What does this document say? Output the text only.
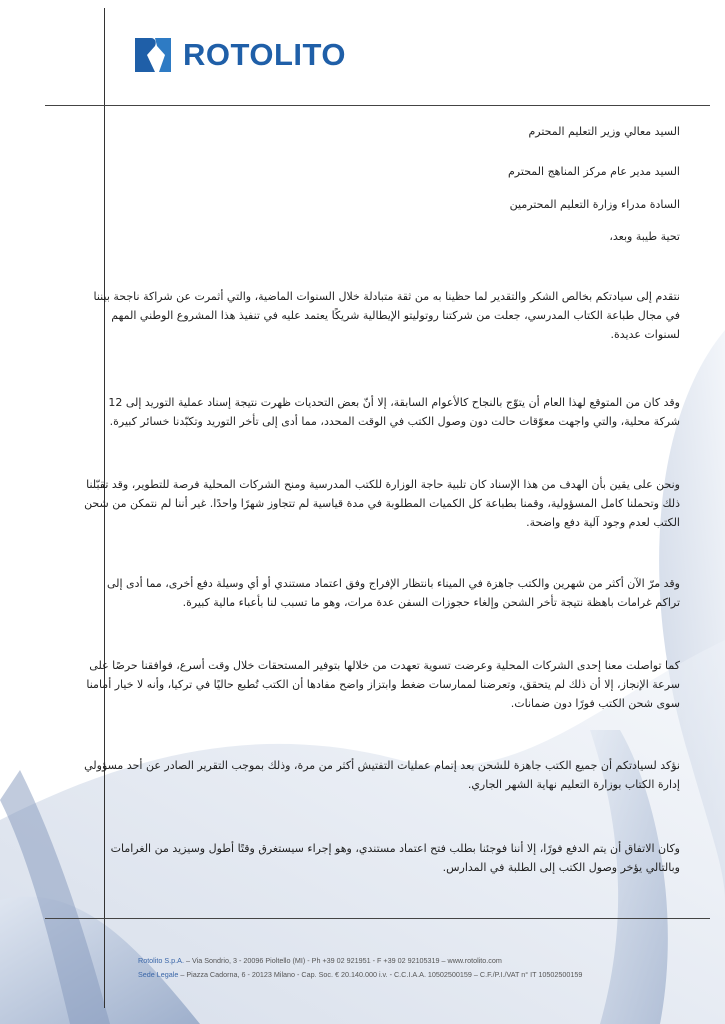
ROTOLITO
السيد معالي وزير التعليم المحترم
السيد مدير عام مركز المناهج المحترم
السادة مدراء وزارة التعليم المحترمين
تحية طيبة وبعد،
نتقدم إلى سيادتكم بخالص الشكر والتقدير لما حظينا به من ثقة متبادلة خلال السنوات الماضية، والتي أثمرت عن شراكة ناجحة بيننا في مجال طباعة الكتاب المدرسي، جعلت من شركتنا روتوليتو الإيطالية شريكًا يعتمد عليه في تنفيذ هذا المشروع الوطني المهم لسنوات عديدة.
وقد كان من المتوقع لهذا العام أن يتوّج بالنجاح كالأعوام السابقة، إلا أنّ بعض التحديات ظهرت نتيجة إسناد عملية التوريد إلى 12 شركة محلية، والتي واجهت معوّقات حالت دون وصول الكتب في الوقت المحدد، مما أدى إلى تأخر التوريد وتكبّدنا خسائر كبيرة.
ونحن على يقين بأن الهدف من هذا الإسناد كان تلبية حاجة الوزارة للكتب المدرسية ومنح الشركات المحلية فرصة للتطوير، وقد تقبّلنا ذلك وتحملنا كامل المسؤولية، وقمنا بطباعة كل الكميات المطلوبة في مدة قياسية لم تتجاوز شهرًا واحدًا. غير أننا لم نتمكن من شحن الكتب لعدم وجود آلية دفع واضحة.
وقد مرّ الآن أكثر من شهرين والكتب جاهزة في الميناء بانتظار الإفراج وفق اعتماد مستندي أو أي وسيلة دفع أخرى، مما أدى إلى تراكم غرامات باهظة نتيجة تأخر الشحن وإلغاء حجوزات السفن عدة مرات، وهو ما تسبب لنا بأعباء مالية كبيرة.
كما تواصلت معنا إحدى الشركات المحلية وعرضت تسوية تعهدت من خلالها بتوفير المستحقات خلال وقت أسرع، فوافقنا حرصًا على سرعة الإنجاز، إلا أن ذلك لم يتحقق، وتعرضنا لممارسات ضغط وابتزاز واضح مفادها أن الكتب تُطبع حاليًا في تركيا، وأنه لا خيار أمامنا سوى شحن الكتب فورًا دون ضمانات.
نؤكد لسيادتكم أن جميع الكتب جاهزة للشحن بعد إتمام عمليات التفتيش أكثر من مرة، وذلك بموجب التقرير الصادر عن أحد مسؤولي إدارة الكتاب بوزارة التعليم نهاية الشهر الجاري.
وكان الاتفاق أن يتم الدفع فورًا، إلا أننا فوجئنا بطلب فتح اعتماد مستندي، وهو إجراء سيستغرق وقتًا أطول وسيزيد من الغرامات وبالتالي يؤخر وصول الكتب إلى الطلبة في المدارس.
Rotolito S.p.A. – Via Sondrio, 3 - 20096 Pioltello (MI) - Ph +39 02 921951 - F +39 02 92105319 – www.rotolito.com
Sede Legale – Piazza Cadorna, 6 - 20123 Milano - Cap. Soc. € 20.140.000 i.v. - C.C.I.A.A. 10502500159 – C.F./P.I./VAT n° IT 10502500159
